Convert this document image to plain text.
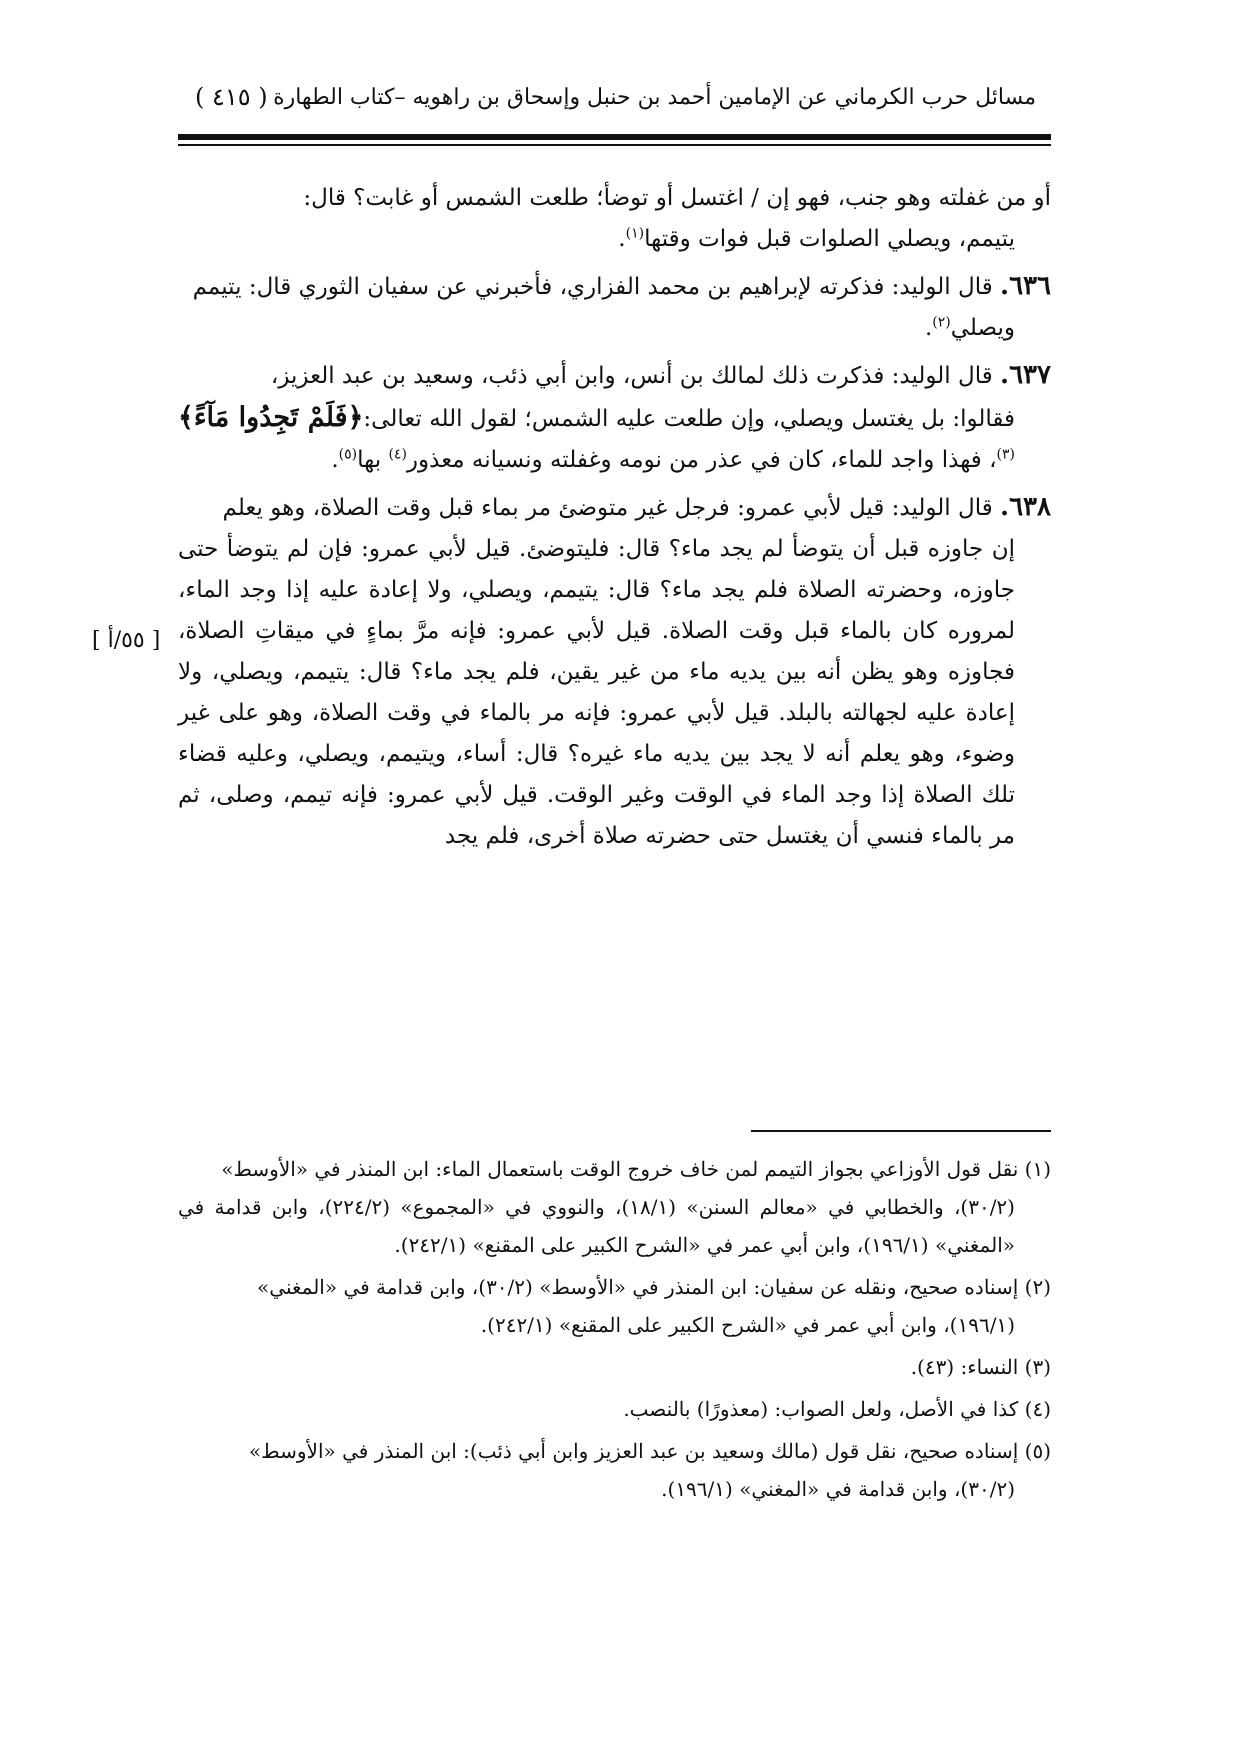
مسائل حرب الكرماني عن الإمامين أحمد بن حنبل وإسحاق بن راهويه –كتاب الطهارة
( ٤١٥ )
[ ٥٥/أ ]

أو من غفلته وهو جنب، فهو إن / اغتسل أو توضأ؛ طلعت الشمس أو غابت؟ قال:
يتيمم، ويصلي الصلوات قبل فوات وقتها$^{(١)}$.

٦٣٦. قال الوليد: فذكرته لإبراهيم بن محمد الفزاري، فأخبرني عن سفيان الثوري قال: يتيمم
ويصلي$^{(٢)}$.

٦٣٧. قال الوليد: فذكرت ذلك لمالك بن أنس، وابن أبي ذئب، وسعيد بن عبد العزيز،
فقالوا: بل يغتسل ويصلي، وإن طلعت عليه الشمس؛ لقول الله تعالى:﴿فَلَمْ تَجِدُوا مَآءً﴾$^{(٣)}$، فهذا واجد للماء، كان في عذر من نومه وغفلته ونسيانه معذور$^{(٤)}$ بها$^{(٥)}$.

٦٣٨. قال الوليد: قيل لأبي عمرو: فرجل غير متوضئ مر بماء قبل وقت الصلاة، وهو يعلم
إن جاوزه قبل أن يتوضأ لم يجد ماء؟ قال: فليتوضئ. قيل لأبي عمرو: فإن لم يتوضأ حتى جاوزه، وحضرته الصلاة فلم يجد ماء؟ قال: يتيمم، ويصلي، ولا إعادة عليه إذا وجد الماء، لمروره كان بالماء قبل وقت الصلاة. قيل لأبي عمرو: فإنه مرَّ بماءٍ في ميقاتِ الصلاة، فجاوزه وهو يظن أنه بين يديه ماء من غير يقين، فلم يجد ماء؟ قال: يتيمم، ويصلي، ولا إعادة عليه لجهالته بالبلد. قيل لأبي عمرو: فإنه مر بالماء في وقت الصلاة، وهو على غير وضوء، وهو يعلم أنه لا يجد بين يديه ماء غيره؟ قال: أساء، ويتيمم، ويصلي، وعليه قضاء تلك الصلاة إذا وجد الماء في الوقت وغير الوقت. قيل لأبي عمرو: فإنه تيمم، وصلى، ثم مر بالماء فنسي أن يغتسل حتى حضرته صلاة أخرى، فلم يجد

(١) نقل قول الأوزاعي بجواز التيمم لمن خاف خروج الوقت باستعمال الماء: ابن المنذر في «الأوسط»
(٣٠/٢)، والخطابي في «معالم السنن» (١٨/١)، والنووي في «المجموع» (٢٢٤/٢)، وابن قدامة في «المغني» (١٩٦/١)، وابن أبي عمر في «الشرح الكبير على المقنع» (٢٤٢/١).

(٢) إسناده صحيح، ونقله عن سفيان: ابن المنذر في «الأوسط» (٣٠/٢)، وابن قدامة في «المغني»
(١٩٦/١)، وابن أبي عمر في «الشرح الكبير على المقنع» (٢٤٢/١).

(٣) النساء: (٤٣).

(٤) كذا في الأصل، ولعل الصواب: (معذورًا) بالنصب.

(٥) إسناده صحيح، نقل قول (مالك وسعيد بن عبد العزيز وابن أبي ذئب): ابن المنذر في «الأوسط»
(٣٠/٢)، وابن قدامة في «المغني» (١٩٦/١).
